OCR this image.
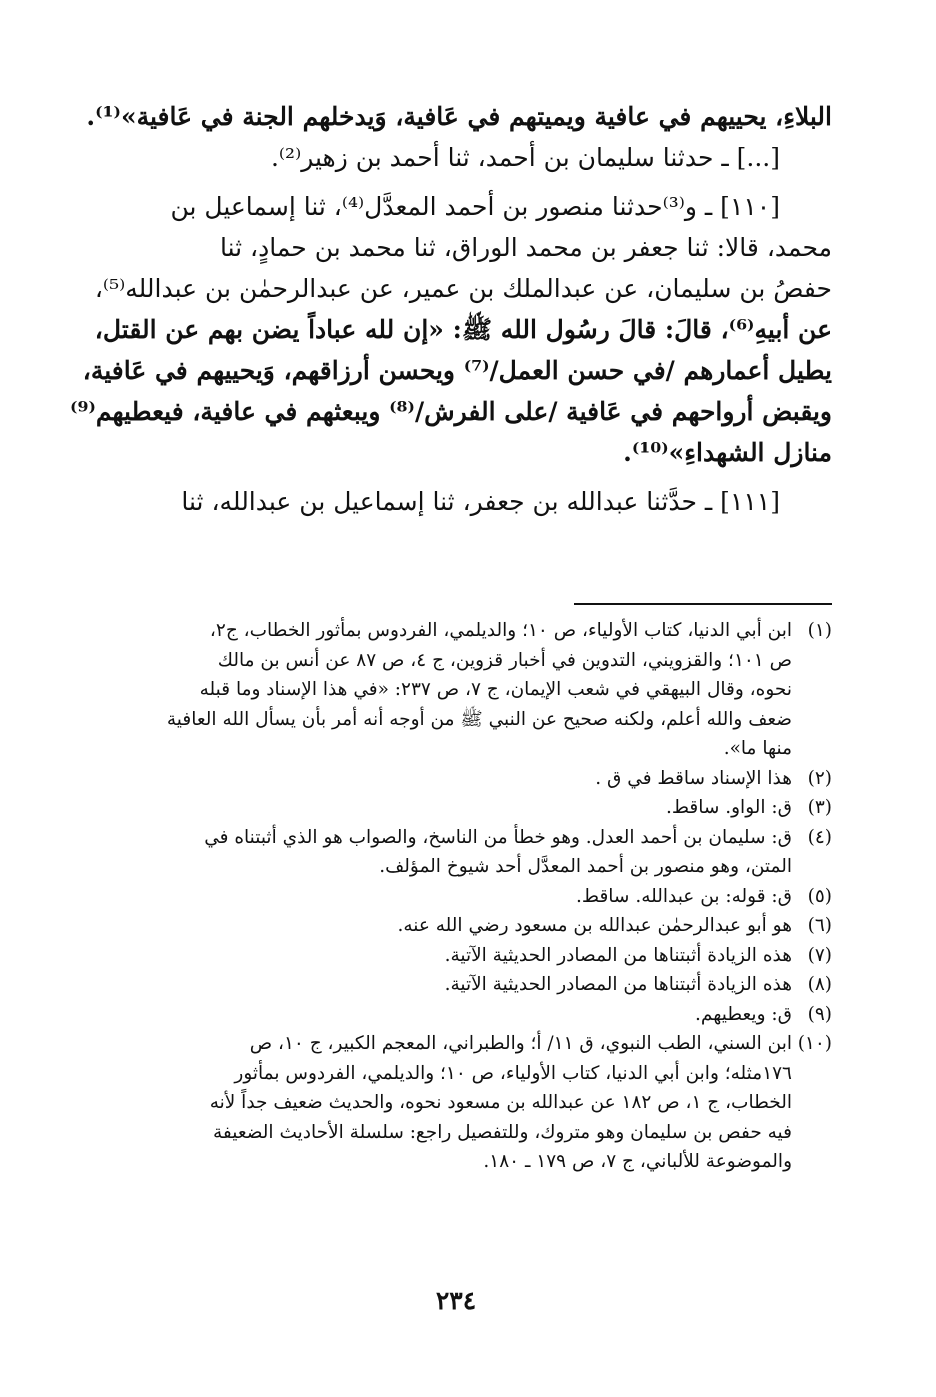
البلاءِ، يحييهم في عافية ويميتهم في عَافية، وَيدخلهم الجنة في عَافية»⁽¹⁾.
[...] ـ حدثنا سليمان بن أحمد، ثنا أحمد بن زهير⁽²⁾.
[١١٠] ـ و⁽³⁾حدثنا منصور بن أحمد المعدَّل⁽⁴⁾، ثنا إسماعيل بن
محمد، قالا: ثنا جعفر بن محمد الوراق، ثنا محمد بن حمادٍ، ثنا
حفصُ بن سليمان، عن عبدالملك بن عمير، عن عبدالرحمٰن بن عبدالله⁽⁵⁾،
عن أبيهِ⁽⁶⁾، قالَ: قالَ رسُول الله ﷺ: «إن لله عباداً يضن بهم عن القتل،
يطيل أعمارهم /في حسن العمل/⁽⁷⁾ ويحسن أرزاقهم، وَيحييهم في عَافية،
ويقبض أرواحهم في عَافية /على الفرش/⁽⁸⁾ ويبعثهم في عافية، فيعطيهم⁽⁹⁾
منازل الشهداءِ»⁽¹⁰⁾.
[١١١] ـ حدَّثنا عبدالله بن جعفر، ثنا إسماعيل بن عبدالله، ثنا
(١)
ابن أبي الدنيا، كتاب الأولياء، ص ١٠؛ والديلمي، الفردوس بمأثور الخطاب، ج٢،
ص ١٠١؛ والقزويني، التدوين في أخبار قزوين، ج ٤، ص ٨٧ عن أنس بن مالك
نحوه، وقال البيهقي في شعب الإيمان، ج ٧، ص ٢٣٧: «في هذا الإسناد وما قبله
ضعف والله أعلم، ولكنه صحيح عن النبي ﷺ من أوجه أنه أمر بأن يسأل الله العافية
منها ما».
(٢)
هذا الإسناد ساقط في ق .
(٣)
ق: الواو. ساقط.
(٤)
ق: سليمان بن أحمد العدل. وهو خطأ من الناسخ، والصواب هو الذي أثبتناه في
المتن، وهو منصور بن أحمد المعدَّل أحد شيوخ المؤلف.
(٥)
ق: قوله: بن عبدالله. ساقط.
(٦)
هو أبو عبدالرحمٰن عبدالله بن مسعود رضي الله عنه.
(٧)
هذه الزيادة أثبتناها من المصادر الحديثية الآتية.
(٨)
هذه الزيادة أثبتناها من المصادر الحديثية الآتية.
(٩)
ق: ويعطيهم.
(١٠)
ابن السني، الطب النبوي، ق ١١/ أ؛ والطبراني، المعجم الكبير، ج ١٠، ص
١٧٦مثله؛ وابن أبي الدنيا، كتاب الأولياء، ص ١٠؛ والديلمي، الفردوس بمأثور
الخطاب، ج ١، ص ١٨٢ عن عبدالله بن مسعود نحوه، والحديث ضعيف جداً لأنه
فيه حفص بن سليمان وهو متروك، وللتفصيل راجع: سلسلة الأحاديث الضعيفة
والموضوعة للألباني، ج ٧، ص ١٧٩ ـ ١٨٠.
٢٣٤
